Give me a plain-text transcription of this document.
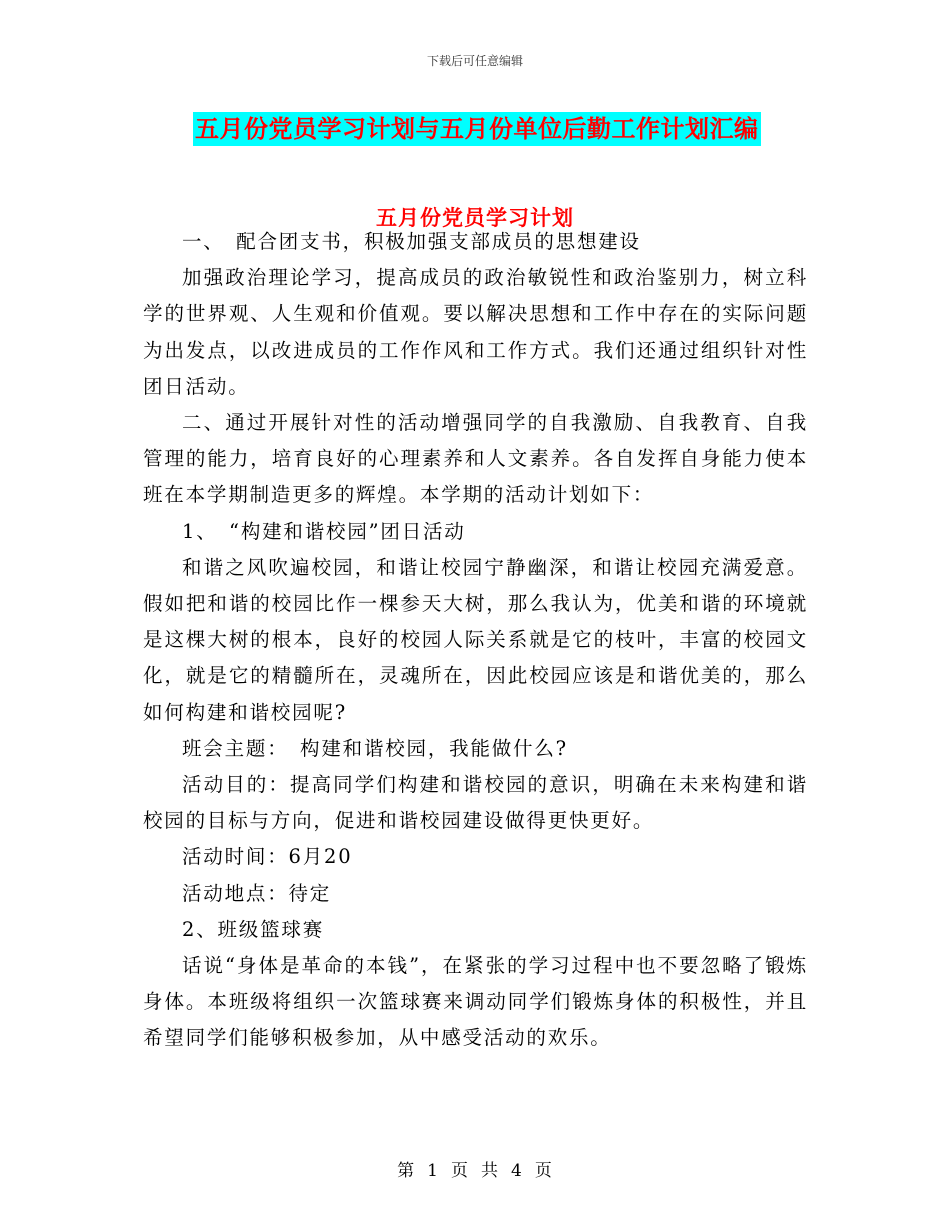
下载后可任意编辑
五月份党员学习计划与五月份单位后勤工作计划汇编
五月份党员学习计划

一、　配合团支书，积极加强支部成员的思想建设

加强政治理论学习，提高成员的政治敏锐性和政治鉴别力，树立科学的世界观、人生观和价值观。要以解决思想和工作中存在的实际问题为出发点，以改进成员的工作作风和工作方式。我们还通过组织针对性团日活动。

二、通过开展针对性的活动增强同学的自我激励、自我教育、自我管理的能力，培育良好的心理素养和人文素养。各自发挥自身能力使本班在本学期制造更多的辉煌。本学期的活动计划如下：

1、　“构建和谐校园”团日活动

和谐之风吹遍校园，和谐让校园宁静幽深，和谐让校园充满爱意。假如把和谐的校园比作一棵参天大树，那么我认为，优美和谐的环境就是这棵大树的根本，良好的校园人际关系就是它的枝叶，丰富的校园文化，就是它的精髓所在，灵魂所在，因此校园应该是和谐优美的，那么如何构建和谐校园呢?

班会主题：　构建和谐校园，我能做什么?

活动目的：提高同学们构建和谐校园的意识，明确在未来构建和谐校园的目标与方向，促进和谐校园建设做得更快更好。

活动时间：6月20

活动地点：待定

2、班级篮球赛

话说“身体是革命的本钱”，在紧张的学习过程中也不要忽略了锻炼身体。本班级将组织一次篮球赛来调动同学们锻炼身体的积极性，并且希望同学们能够积极参加，从中感受活动的欢乐。

第 1 页 共 4 页
